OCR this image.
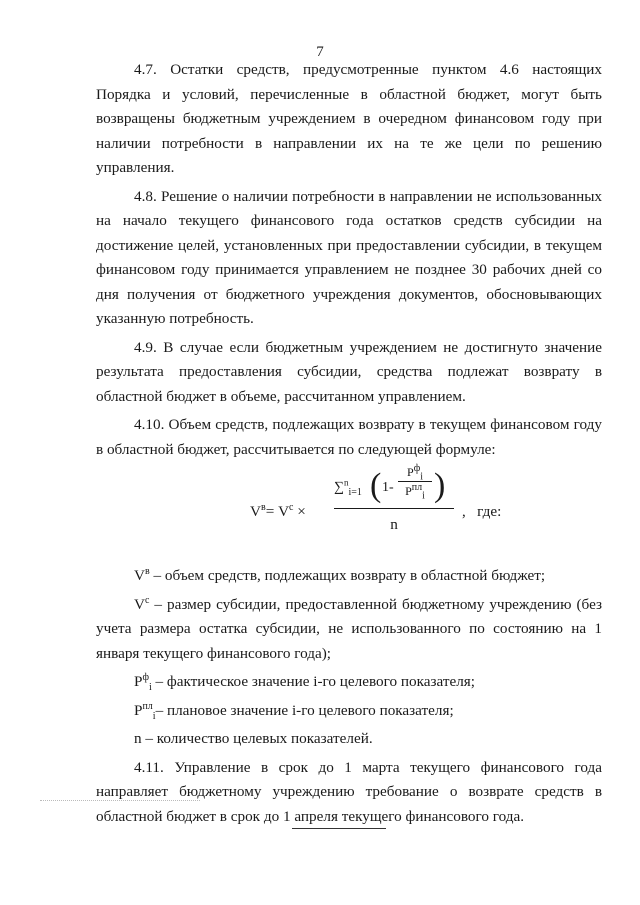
7

4.7. Остатки средств, предусмотренные пунктом 4.6 настоящих Порядка и условий, перечисленные в областной бюджет, могут быть возвращены бюджетным учреждением в очередном финансовом году при наличии потребности в направлении их на те же цели по решению управления.

4.8. Решение о наличии потребности в направлении не использованных на начало текущего финансового года остатков средств субсидии на достижение целей, установленных при предоставлении субсидии, в текущем финансовом году принимается управлением не позднее 30 рабочих дней со дня получения от бюджетного учреждения документов, обосновывающих указанную потребность.

4.9. В случае если бюджетным учреждением не достигнуто значение результата предоставления субсидии, средства подлежат возврату в областной бюджет в объеме, рассчитанном управлением.

4.10. Объем средств, подлежащих возврату в текущем финансовом году в областной бюджет, рассчитывается по следующей формуле:

$V^в= V^с$ ×
∑$^n_{i=1}$ ( 1-
$P^ф_i$
$P^{пл}_i$ )
n
, где:

$V^в$ – объем средств, подлежащих возврату в областной бюджет;

$V^с$ – размер субсидии, предоставленной бюджетному учреждению (без учета размера остатка субсидии, не использованного по состоянию на 1 января текущего финансового года);

$P^ф_i$ – фактическое значение i-го целевого показателя;

$P^{пл}_i-$ плановое значение i-го целевого показателя;

n – количество целевых показателей.

4.11. Управление в срок до 1 марта текущего финансового года направляет бюджетному учреждению требование о возврате средств в областной бюджет в срок до 1 апреля текущего финансового года.
